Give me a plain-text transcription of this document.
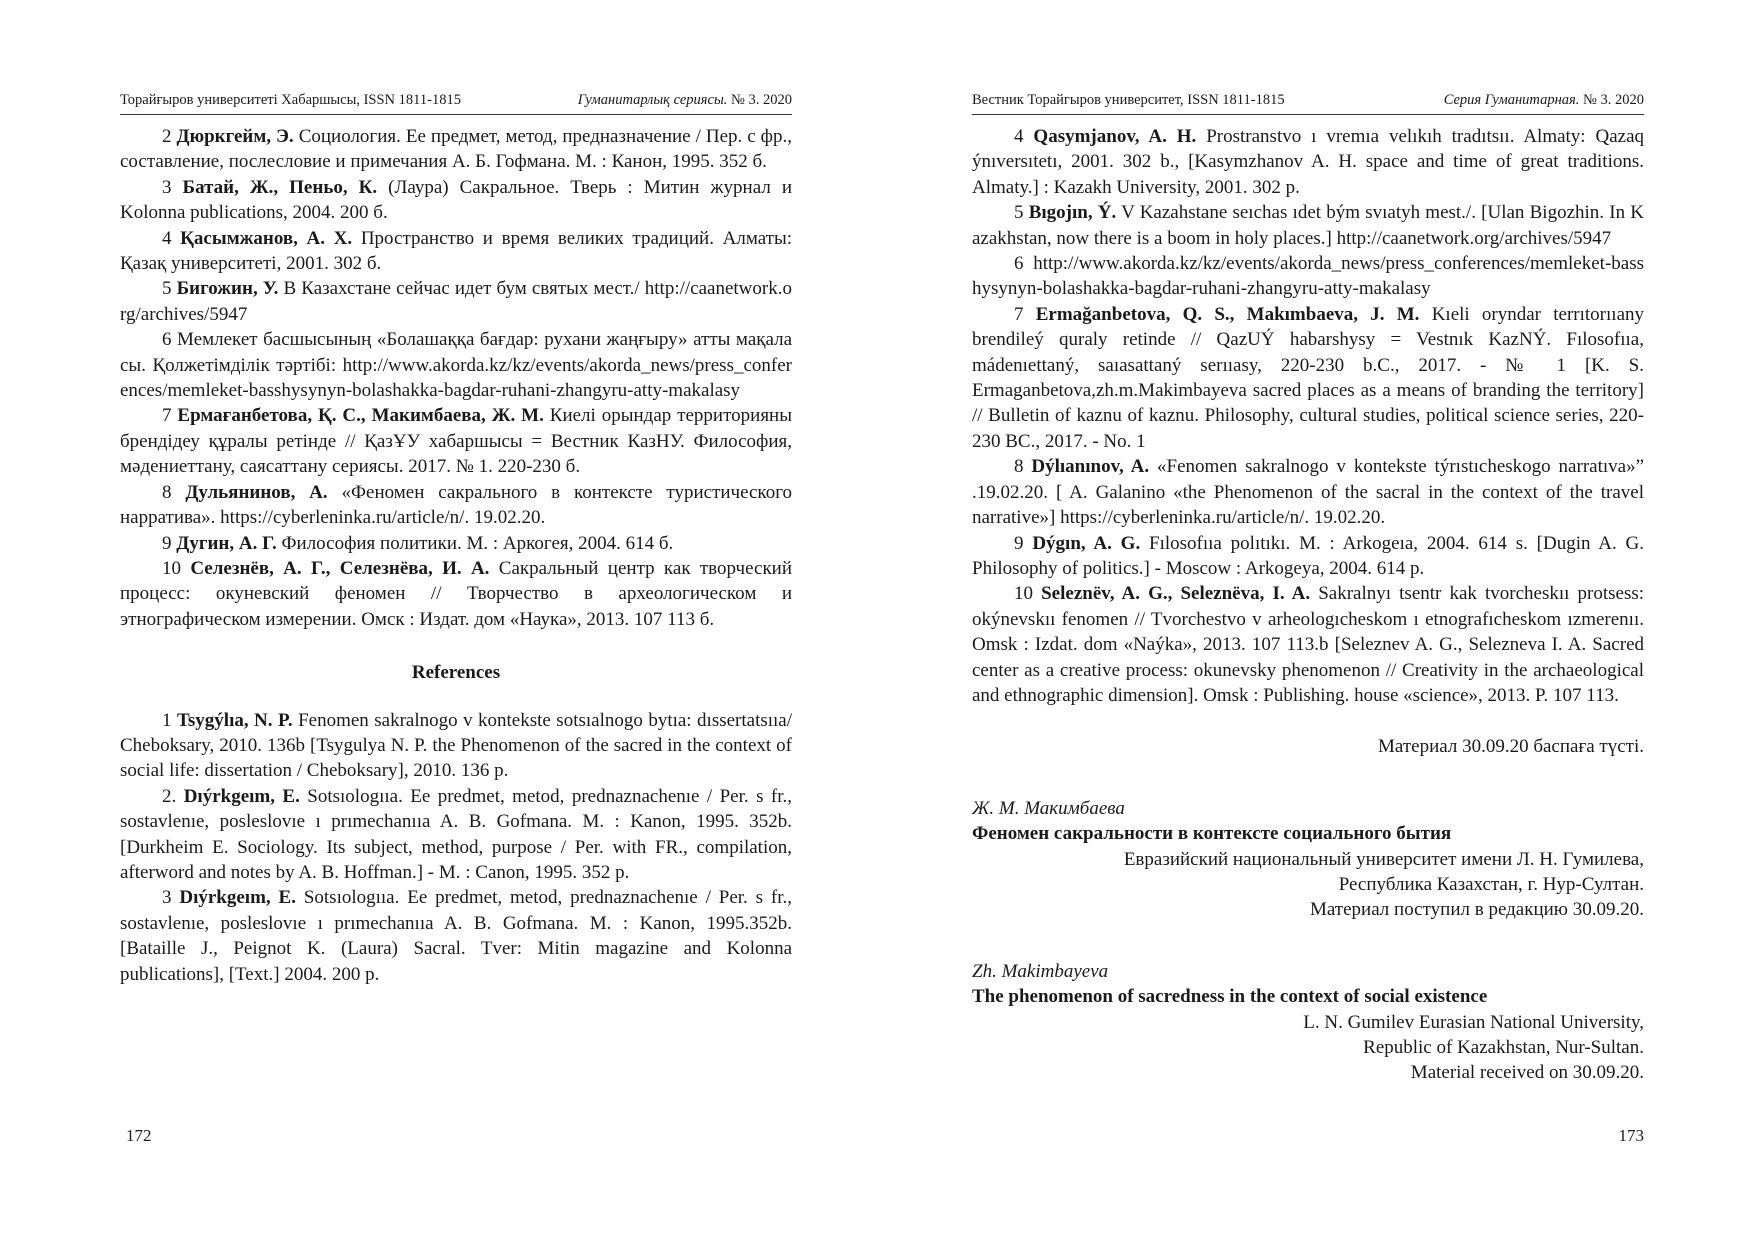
Торайғыров университеті Хабаршысы, ISSN 1811-1815	Гуманитарлық сериясы. № 3. 2020

2 Дюркгейм, Э. Социология. Ее предмет, метод, предназначение / Пер. с фр., составление, послесловие и примечания А. Б. Гофмана. М. : Канон, 1995. 352 б.

3 Батай, Ж., Пеньо, К. (Лаура) Сакральное. Тверь : Митин журнал и Kolonna publications, 2004. 200 б.

4 Қасымжанов, А. Х. Пространство и время великих традиций. Алматы: Қазақ университеті, 2001. 302 б.

5 Бигожин, У. В Казахстане сейчас идет бум святых мест./ http://caanetwork.org/archives/5947

6 Мемлекет басшысының «Болашаққа бағдар: рухани жаңғыру» атты мақаласы. Қолжетімділік тәртібі: http://www.akorda.kz/kz/events/akorda_news/press_conferences/memleket-basshysynyn-bolashakka-bagdar-ruhani-zhangyru-atty-makalasy

7 Ермағанбетова, Қ. С., Макимбаева, Ж. М. Киелі орындар территорияны брендідеу құралы ретінде // ҚазҰУ хабаршысы = Вестник КазНУ. Философия, мәдениеттану, саясаттану сериясы. 2017. № 1. 220-230 б.

8 Дульянинов, А. «Феномен сакрального в контексте туристического нарратива». https://cyberleninka.ru/article/n/. 19.02.20.

9 Дугин, А. Г. Философия политики. М. : Аркогея, 2004. 614 б.

10 Селезнёв, А. Г., Селезнёва, И. А. Сакральный центр как творческий процесс: окуневский феномен // Творчество в археологическом и этнографическом измерении. Омск : Издат. дом «Наука», 2013. 107 113 б.

References

1 Tsygýlıa, N. P. Fenomen sakralnogo v kontekste sotsıalnogo bytıa: dıssertatsııa/ Cheboksary, 2010. 136b [Tsygulya N. P. the Phenomenon of the sacred in the context of social life: dissertation / Cheboksary], 2010. 136 p.

2. Dıýrkgeım, E. Sotsıologııa. Ee predmet, metod, prednaznachenıe / Per. s fr., sostavlenıe, posleslovıe ı prımechanııa A. B. Gofmana. M. : Kanon, 1995. 352b. [Durkheim E. Sociology. Its subject, method, purpose / Per. with FR., compilation, afterword and notes by A. B. Hoffman.] - M. : Canon, 1995. 352 p.

3 Dıýrkgeım, E. Sotsıologııa. Ee predmet, metod, prednaznachenıe / Per. s fr., sostavlenıe, posleslovıe ı prımechanııa A. B. Gofmana. M. : Kanon, 1995.352b. [Bataille J., Peignot K. (Laura) Sacral. Tver: Mitin magazine and Kolonna publications], [Text.] 2004. 200 p.

172
Вестник Торайгыров университет, ISSN 1811-1815	Серия Гуманитарная. № 3. 2020

4 Qasymjanov, A. H. Prostranstvo ı vremıa velıkıh tradıtsıı. Almaty: Qazaq ýnıversıtetı, 2001. 302 b., [Kasymzhanov A. H. space and time of great traditions. Almaty.] : Kazakh University, 2001. 302 p.

5 Bıgojın, Ý. V Kazahstane seıchas ıdet bým svıatyh mest./. [Ulan Bigozhin. In Kazakhstan, now there is a boom in holy places.] http://caanetwork.org/archives/5947

6 http://www.akorda.kz/kz/events/akorda_news/press_conferences/memleket-basshysynyn-bolashakka-bagdar-ruhani-zhangyru-atty-makalasy

7 Ermağanbetova, Q. S., Makımbaeva, J. M. Kıeli oryndar terrıtorııany brendileý quraly retinde // QazUÝ habarshysy = Vestnık KazNÝ. Fılosofııa, mádenıettaný, saıasattaný serııasy, 220-230 b.C., 2017. - № 1 [K. S. Ermaganbetova,zh.m.Makimbayeva sacred places as a means of branding the territory] // Bulletin of kaznu of kaznu. Philosophy, cultural studies, political science series, 220-230 BC., 2017. - No. 1

8 Dýlıanınov, A. «Fenomen sakralnogo v kontekste týrıstıcheskogo narratıva»” .19.02.20. [ A. Galanino «the Phenomenon of the sacral in the context of the travel narrative»] https://cyberleninka.ru/article/n/. 19.02.20.

9 Dýgın, A. G. Fılosofııa polıtıkı. M. : Arkogeıa, 2004. 614 s. [Dugin A. G. Philosophy of politics.] - Moscow : Arkogeya, 2004. 614 p.

10 Seleznëv, A. G., Seleznëva, I. A. Sakralnyı tsentr kak tvorcheskıı protsess: okýnevskıı fenomen // Tvorchestvo v arheologıcheskom ı etnografıcheskom ızmerenıı. Omsk : Izdat. dom «Naýka», 2013. 107 113.b [Seleznev A. G., Selezneva I. A. Sacred center as a creative process: okunevsky phenomenon // Creativity in the archaeological and ethnographic dimension]. Omsk : Publishing. house «science», 2013. P. 107 113.

Материал 30.09.20 баспаға түсті.
Ж. М. Макимбаева
Феномен сакральности в контексте социального бытия
Евразийский национальный университет имени Л. Н. Гумилева,
Республика Казахстан, г. Нур-Султан.
Материал поступил в редакцию 30.09.20.
Zh. Makimbayeva
The phenomenon of sacredness in the context of social existence
L. N. Gumilev Eurasian National University,
Republic of Kazakhstan, Nur-Sultan.
Material received on 30.09.20.
173
